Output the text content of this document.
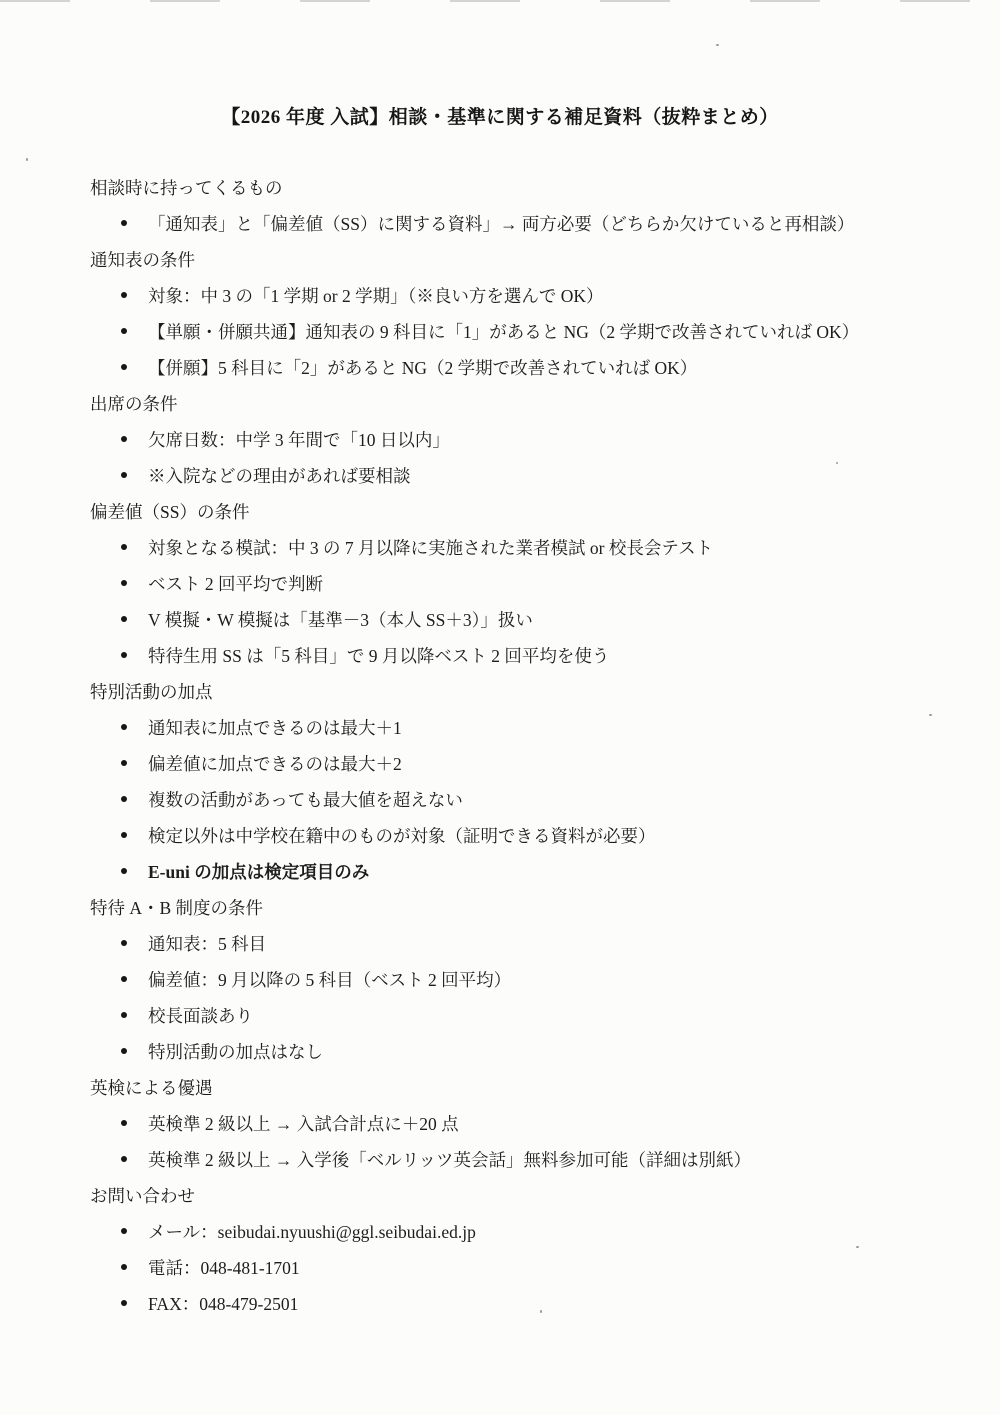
【2026 年度 入試】相談・基準に関する補足資料（抜粋まとめ）
相談時に持ってくるもの
「通知表」と「偏差値（SS）に関する資料」→ 両方必要（どちらか欠けていると再相談）
通知表の条件
対象：中 3 の「1 学期 or 2 学期」（※良い方を選んで OK）
【単願・併願共通】通知表の 9 科目に「1」があると NG（2 学期で改善されていれば OK）
【併願】5 科目に「2」があると NG（2 学期で改善されていれば OK）
出席の条件
欠席日数：中学 3 年間で「10 日以内」
※入院などの理由があれば要相談
偏差値（SS）の条件
対象となる模試：中 3 の 7 月以降に実施された業者模試 or 校長会テスト
ベスト 2 回平均で判断
V 模擬・W 模擬は「基準－3（本人 SS＋3）」扱い
特待生用 SS は「5 科目」で 9 月以降ベスト 2 回平均を使う
特別活動の加点
通知表に加点できるのは最大＋1
偏差値に加点できるのは最大＋2
複数の活動があっても最大値を超えない
検定以外は中学校在籍中のものが対象（証明できる資料が必要）
E-uni の加点は検定項目のみ
特待 A・B 制度の条件
通知表：5 科目
偏差値：9 月以降の 5 科目（ベスト 2 回平均）
校長面談あり
特別活動の加点はなし
英検による優遇
英検準 2 級以上 → 入試合計点に＋20 点
英検準 2 級以上 → 入学後「ベルリッツ英会話」無料参加可能（詳細は別紙）
お問い合わせ
メール：seibudai.nyuushi@ggl.seibudai.ed.jp
電話：048-481-1701
FAX：048-479-2501
